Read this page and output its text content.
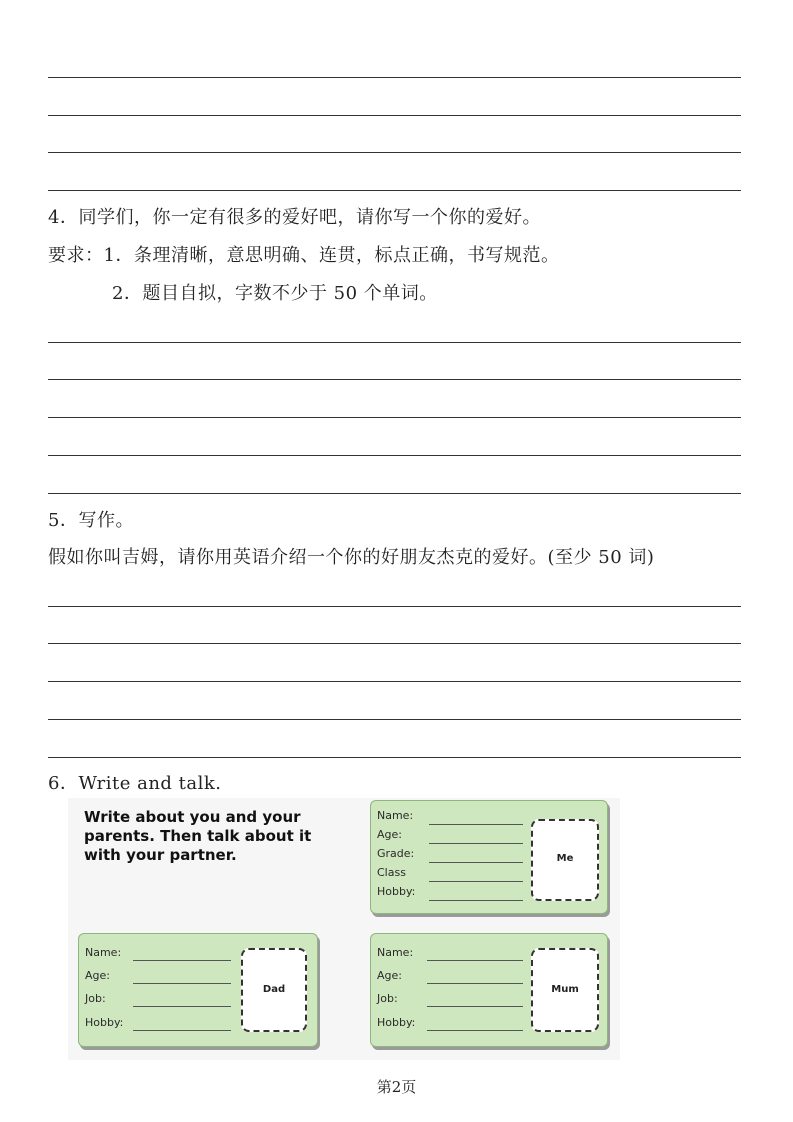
4．同学们，你一定有很多的爱好吧，请你写一个你的爱好。
要求：1．条理清晰，意思明确、连贯，标点正确，书写规范。
2．题目自拟，字数不少于 50 个单词。
5．写作。
假如你叫吉姆，请你用英语介绍一个你的好朋友杰克的爱好。(至少 50 词)
6．Write and talk.
Write about you and your parents. Then talk about it with your partner.
Name:
Age:
Grade:
Class
Hobby:
Me
Name:
Age:
Job:
Hobby:
Dad
Name:
Age:
Job:
Hobby:
Mum
第2页
